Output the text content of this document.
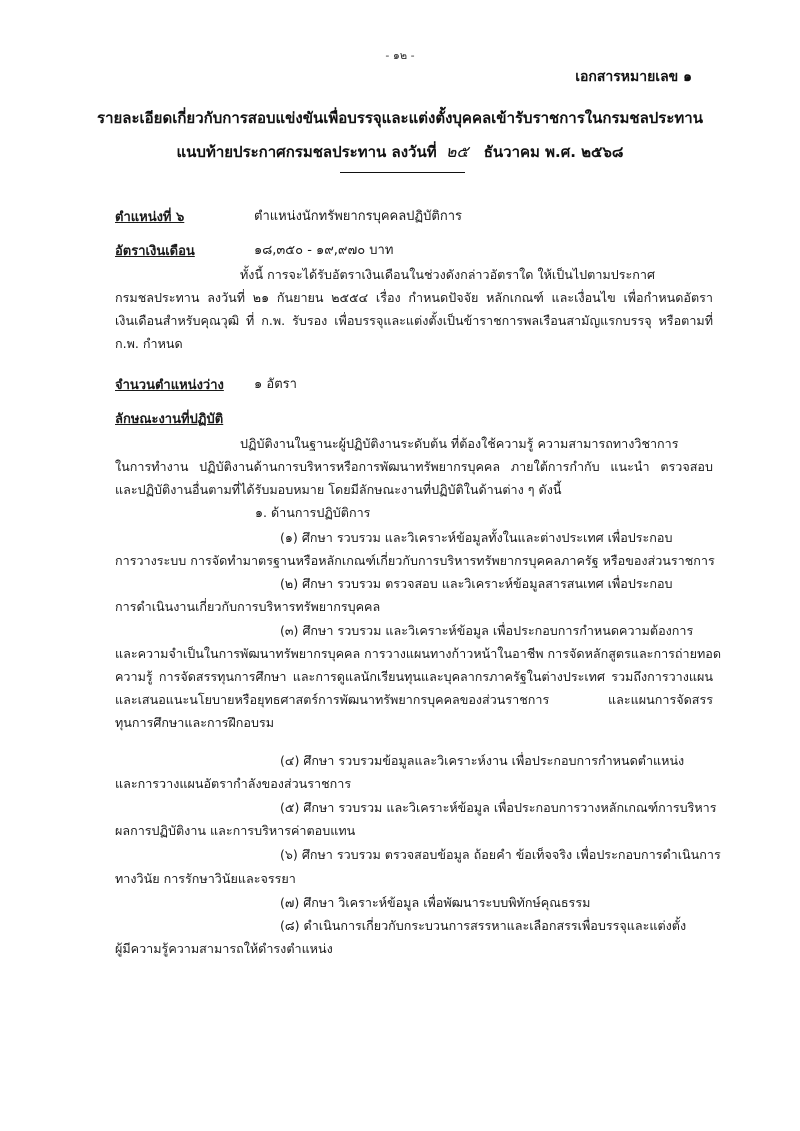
- ๑๒ -
เอกสารหมายเลข ๑
รายละเอียดเกี่ยวกับการสอบแข่งขันเพื่อบรรจุและแต่งตั้งบุคคลเข้ารับราชการในกรมชลประทาน
แนบท้ายประกาศกรมชลประทาน ลงวันที่ ๒๕ ธันวาคม พ.ศ. ๒๕๖๘
ตำแหน่งที่ ๖	ตำแหน่งนักทรัพยากรบุคคลปฏิบัติการ
อัตราเงินเดือน	๑๘,๓๕๐ - ๑๙,๙๗๐ บาท
ทั้งนี้ การจะได้รับอัตราเงินเดือนในช่วงดังกล่าวอัตราใด ให้เป็นไปตามประกาศ
กรมชลประทาน ลงวันที่ ๒๑ กันยายน ๒๕๕๔ เรื่อง กำหนดปัจจัย หลักเกณฑ์ และเงื่อนไข เพื่อกำหนดอัตรา
เงินเดือนสำหรับคุณวุฒิ ที่ ก.พ. รับรอง เพื่อบรรจุและแต่งตั้งเป็นข้าราชการพลเรือนสามัญแรกบรรจุ หรือตามที่
ก.พ. กำหนด
จำนวนตำแหน่งว่าง ๑ อัตรา
ลักษณะงานที่ปฏิบัติ
ปฏิบัติงานในฐานะผู้ปฏิบัติงานระดับต้น ที่ต้องใช้ความรู้ ความสามารถทางวิชาการ
ในการทำงาน ปฏิบัติงานด้านการบริหารหรือการพัฒนาทรัพยากรบุคคล ภายใต้การกำกับ แนะนำ ตรวจสอบ
และปฏิบัติงานอื่นตามที่ได้รับมอบหมาย โดยมีลักษณะงานที่ปฏิบัติในด้านต่าง ๆ ดังนี้
๑. ด้านการปฏิบัติการ
(๑) ศึกษา รวบรวม และวิเคราะห์ข้อมูลทั้งในและต่างประเทศ เพื่อประกอบ
การวางระบบ การจัดทำมาตรฐานหรือหลักเกณฑ์เกี่ยวกับการบริหารทรัพยากรบุคคลภาครัฐ หรือของส่วนราชการ
(๒) ศึกษา รวบรวม ตรวจสอบ และวิเคราะห์ข้อมูลสารสนเทศ เพื่อประกอบ
การดำเนินงานเกี่ยวกับการบริหารทรัพยากรบุคคล
(๓) ศึกษา รวบรวม และวิเคราะห์ข้อมูล เพื่อประกอบการกำหนดความต้องการ
และความจำเป็นในการพัฒนาทรัพยากรบุคคล การวางแผนทางก้าวหน้าในอาชีพ การจัดหลักสูตรและการถ่ายทอด
ความรู้ การจัดสรรทุนการศึกษา และการดูแลนักเรียนทุนและบุคลากรภาครัฐในต่างประเทศ รวมถึงการวางแผน
และเสนอแนะนโยบายหรือยุทธศาสตร์การพัฒนาทรัพยากรบุคคลของส่วนราชการ และแผนการจัดสรร
ทุนการศึกษาและการฝึกอบรม
(๔) ศึกษา รวบรวมข้อมูลและวิเคราะห์งาน เพื่อประกอบการกำหนดตำแหน่ง
และการวางแผนอัตรากำลังของส่วนราชการ
(๕) ศึกษา รวบรวม และวิเคราะห์ข้อมูล เพื่อประกอบการวางหลักเกณฑ์การบริหาร
ผลการปฏิบัติงาน และการบริหารค่าตอบแทน
(๖) ศึกษา รวบรวม ตรวจสอบข้อมูล ถ้อยคำ ข้อเท็จจริง เพื่อประกอบการดำเนินการ
ทางวินัย การรักษาวินัยและจรรยา
(๗) ศึกษา วิเคราะห์ข้อมูล เพื่อพัฒนาระบบพิทักษ์คุณธรรม
(๘) ดำเนินการเกี่ยวกับกระบวนการสรรหาและเลือกสรรเพื่อบรรจุและแต่งตั้ง
ผู้มีความรู้ความสามารถให้ดำรงตำแหน่ง
